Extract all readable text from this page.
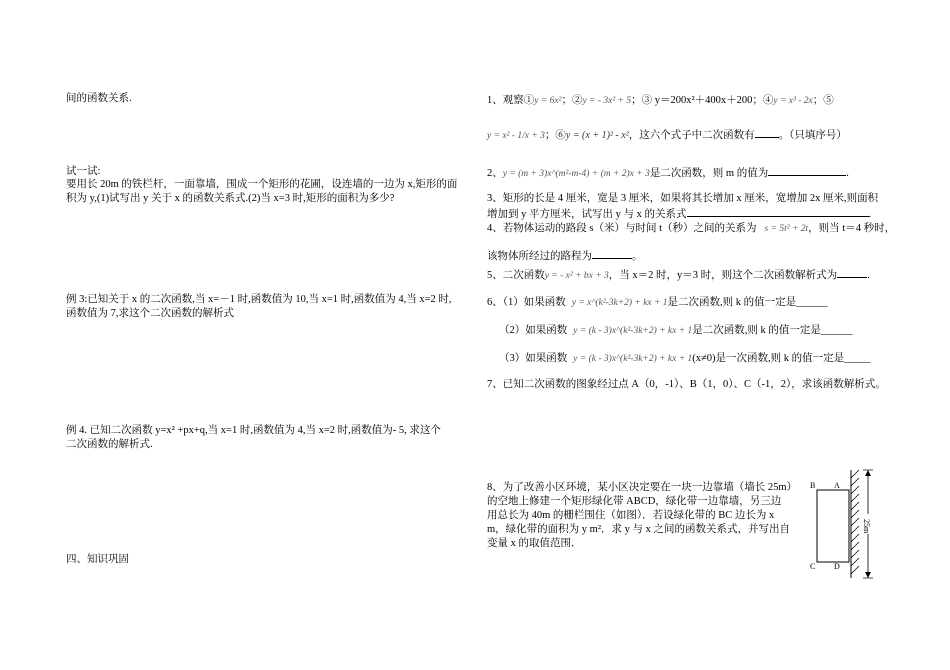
间的函数关系.
试一试:
要用长 20m 的铁栏杆，一面靠墙，围成一个矩形的花圃，设连墙的一边为 x,矩形的面
积为 y,(1)试写出 y 关于 x 的函数关系式.(2)当 x=3 时,矩形的面积为多少?
例 3:已知关于 x 的二次函数,当 x=－1 时,函数值为 10,当 x=1 时,函数值为 4,当 x=2 时,
函数值为 7,求这个二次函数的解析式
例 4. 已知二次函数 y=x² +px+q,当 x=1 时,函数值为 4,当 x=2 时,函数值为- 5, 求这个
二次函数的解析式.
四、知识巩固
1、观察①y = 6x²；②y = - 3x² + 5；③ y＝200x²＋400x＋200；④y = x³ - 2x；⑤
y = x² - 1/x + 3；⑥y = (x + 1)² - x²，这六个式子中二次函数有 。（只填序号）
2、y = (m + 3)x^(m²-m-4) + (m + 2)x + 3是二次函数，则 m 的值为	.
3、矩形的长是 4 厘米，宽是 3 厘米，如果将其长增加 x 厘米，宽增加 2x 厘米,则面积
增加到 y 平方厘米，试写出 y 与 x 的关系式	.
4、若物体运动的路段 s（米）与时间 t（秒）之间的关系为 s = 5t² + 2t，则当 t＝4 秒时，
该物体所经过的路程为	。
5、二次函数y = - x² + bx + 3，当 x＝2 时，y＝3 时，则这个二次函数解析式为	.
6、（1）如果函数 y = x^(k²-3k+2) + kx + 1是二次函数,则 k 的值一定是______
（2）如果函数 y = (k - 3)x^(k²-3k+2) + kx + 1是二次函数,则 k 的值一定是______
（3）如果函数 y = (k - 3)x^(k²-3k+2) + kx + 1(x≠0)是一次函数,则 k 的值一定是_____
7、已知二次函数的图象经过点 A（0，-1）、B（1，0）、C（-1，2），求该函数解析式。
8、为了改善小区环境，某小区决定要在一块一边靠墙（墙长 25m）
的空地上修建一个矩形绿化带 ABCD，绿化带一边靠墙，另三边
用总长为 40m 的栅栏围住（如图）．若设绿化带的 BC 边长为 x
m，绿化带的面积为 y m²．求 y 与 x 之间的函数关系式，并写出自
变量 x 的取值范围．
B A
C D
25m
